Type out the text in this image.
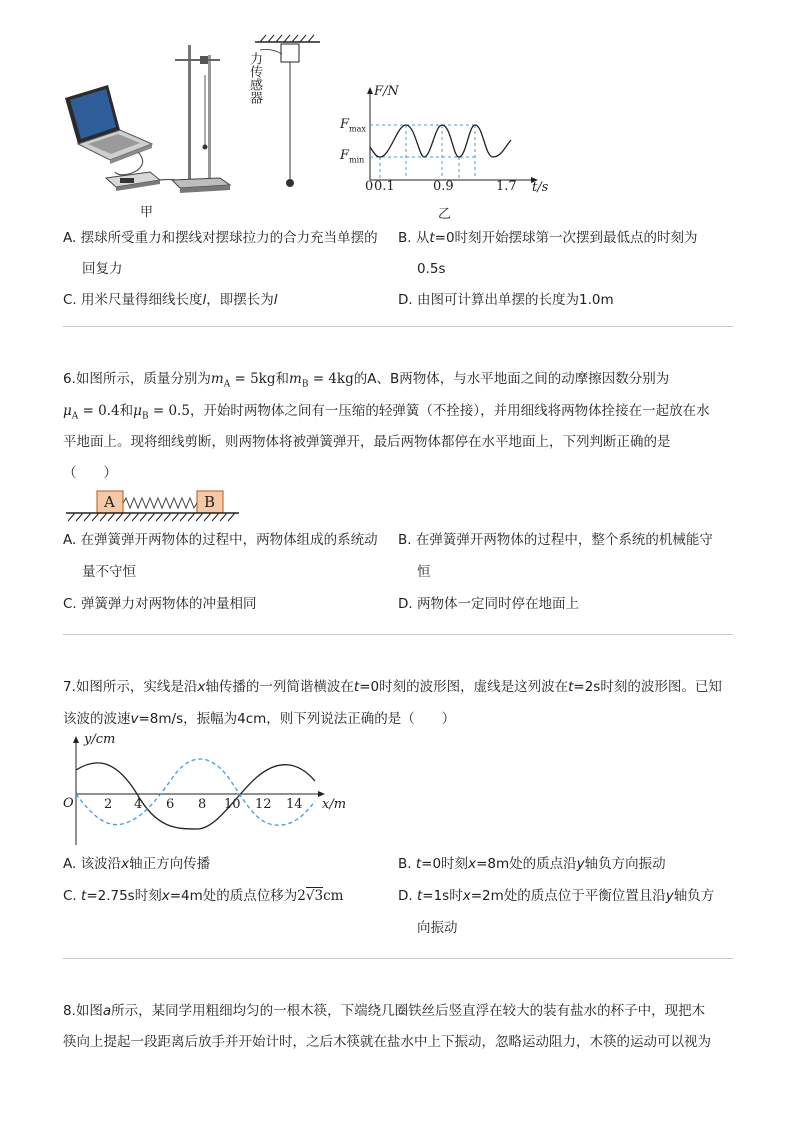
力传感器
甲	乙
F/N
$F_{max}$
$F_{min}$
0 0.1	0.9	1.7 t/s
A. 摆球所受重力和摆线对摆球拉力的合力充当单摆的
回复力
B. 从t=0时刻开始摆球第一次摆到最低点的时刻为
0.5s
C. 用米尺量得细线长度l，即摆长为l	D. 由图可计算出单摆的长度为1.0m
6.如图所示，质量分别为$m_A = 5kg$和$m_B = 4kg$的A、B两物体，与水平地面之间的动摩擦因数分别为
$\mu_A = 0.4$和$\mu_B = 0.5$，开始时两物体之间有一压缩的轻弹簧（不拴接），并用细线将两物体拴接在一起放在水
平地面上。现将细线剪断，则两物体将被弹簧弹开，最后两物体都停在水平地面上，下列判断正确的是
（　　）
A	B
A. 在弹簧弹开两物体的过程中，两物体组成的系统动
量不守恒
B. 在弹簧弹开两物体的过程中，整个系统的机械能守
恒
C. 弹簧弹力对两物体的冲量相同	D. 两物体一定同时停在地面上
7.如图所示，实线是沿x轴传播的一列简谐横波在t=0时刻的波形图，虚线是这列波在t=2s时刻的波形图。已知
该波的波速v=8m/s，振幅为4cm，则下列说法正确的是（　　）
y/cm
O 2 4 6 8 10 12 14 x/m
A. 该波沿x轴正方向传播	B. t=0时刻x=8m处的质点沿y轴负方向振动
C. t=2.75s时刻x=4m处的质点位移为2√3cm	D. t=1s时x=2m处的质点位于平衡位置且沿y轴负方
向振动
8.如图a所示，某同学用粗细均匀的一根木筷，下端绕几圈铁丝后竖直浮在较大的装有盐水的杯子中，现把木
筷向上提起一段距离后放手并开始计时，之后木筷就在盐水中上下振动，忽略运动阻力，木筷的运动可以视为
